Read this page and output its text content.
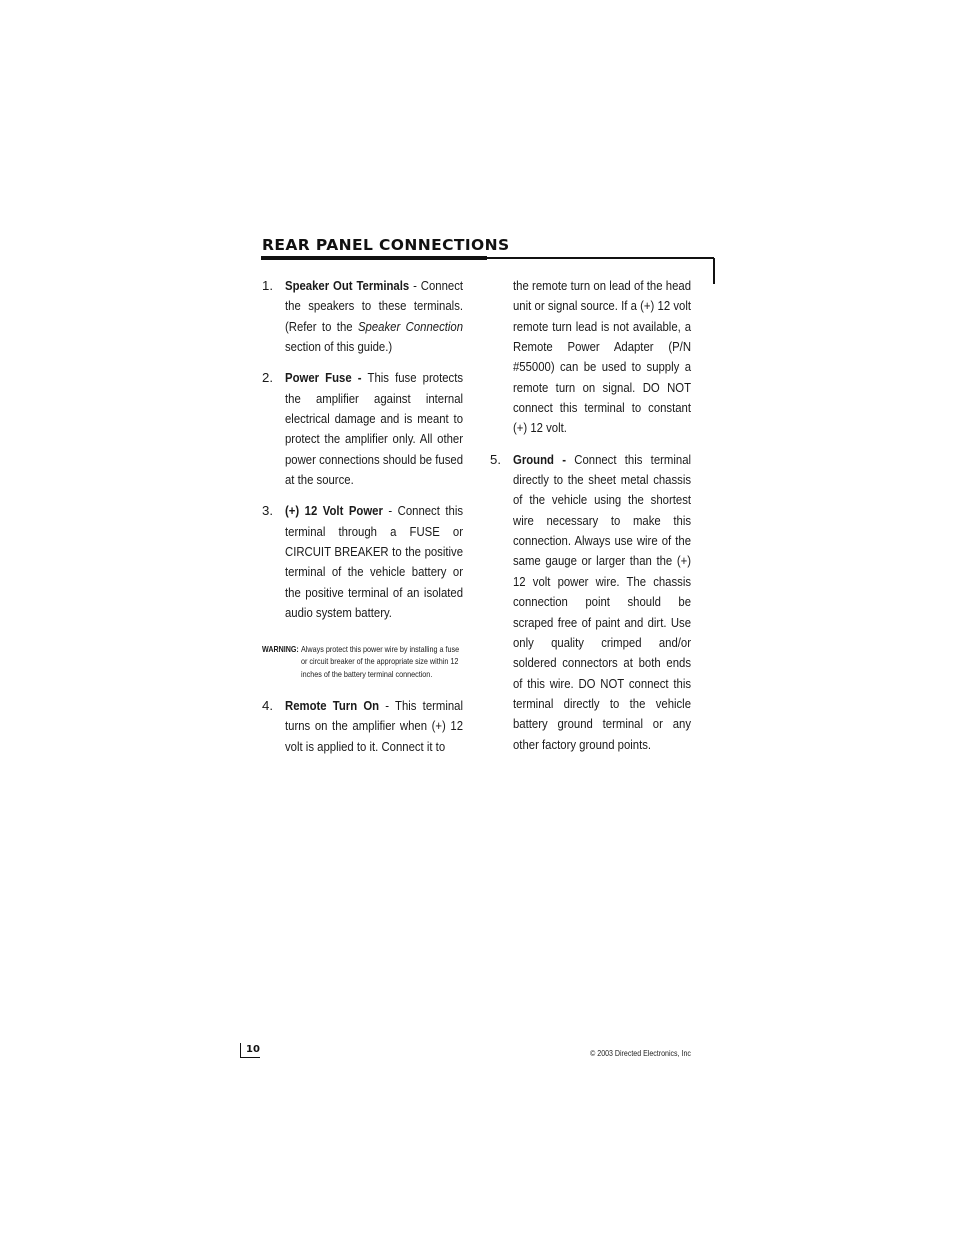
REAR PANEL CONNECTIONS
1. Speaker Out Terminals - Connect the speakers to these terminals. (Refer to the Speaker Connection section of this guide.)
2. Power Fuse - This fuse protects the amplifier against internal electrical damage and is meant to protect the amplifier only. All other power connections should be fused at the source.
3. (+) 12 Volt Power - Connect this terminal through a FUSE or CIRCUIT BREAKER to the positive terminal of the vehicle battery or the positive terminal of an isolated audio system battery.
WARNING: Always protect this power wire by installing a fuse or circuit breaker of the appropriate size within 12 inches of the battery terminal connection.
4. Remote Turn On - This terminal turns on the amplifier when (+) 12 volt is applied to it. Connect it to
the remote turn on lead of the head unit or signal source. If a (+) 12 volt remote turn lead is not available, a Remote Power Adapter (P/N #55000) can be used to supply a remote turn on signal. DO NOT connect this terminal to constant (+) 12 volt.
5. Ground - Connect this terminal directly to the sheet metal chassis of the vehicle using the shortest wire necessary to make this connection. Always use wire of the same gauge or larger than the (+) 12 volt power wire. The chassis connection point should be scraped free of paint and dirt. Use only quality crimped and/or soldered connectors at both ends of this wire. DO NOT connect this terminal directly to the vehicle battery ground terminal or any other factory ground points.
10	© 2003 Directed Electronics, Inc
